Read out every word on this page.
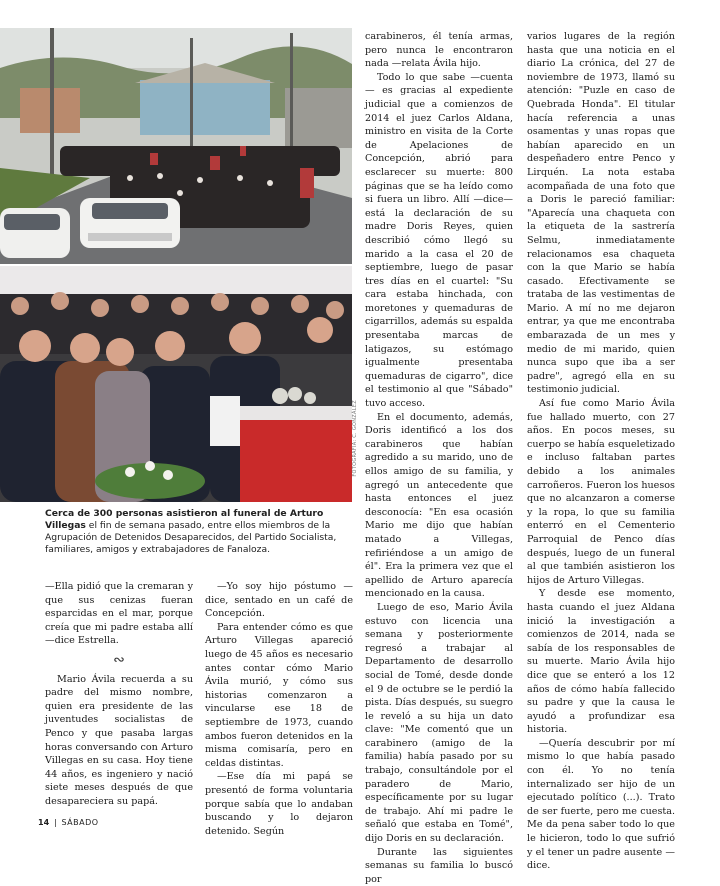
FOTOGRAFÍA: C. GONZÁLEZ
Cerca de 300 personas asistieron al funeral de Arturo Villegas el fin de semana pasado, entre ellos miembros de la Agrupación de Detenidos Desaparecidos, del Partido Socialista, familiares, amigos y extrabajadores de Fanaloza.

—Ella pidió que la cremaran y que sus cenizas fueran esparcidas en el mar, porque creía que mi padre estaba allí —dice Estrella.

∾

Mario Ávila recuerda a su padre del mismo nombre, quien era presidente de las juventudes socialistas de Penco y que pasaba largas horas conversando con Arturo Villegas en su casa. Hoy tiene 44 años, es ingeniero y nació siete meses después de que desapareciera su papá.

—Yo soy hijo póstumo —dice, sentado en un café de Concepción.

Para entender cómo es que Arturo Villegas apareció luego de 45 años es necesario antes contar cómo Mario Ávila murió, y cómo sus historias comenzaron a vincularse ese 18 de septiembre de 1973, cuando ambos fueron detenidos en la misma comisaría, pero en celdas distintas.

—Ese día mi papá se presentó de forma voluntaria porque sabía que lo andaban buscando y lo dejaron detenido. Según

carabineros, él tenía armas, pero nunca le encontraron nada —relata Ávila hijo.

Todo lo que sabe —cuenta— es gracias al expediente judicial que a comienzos de 2014 el juez Carlos Aldana, ministro en visita de la Corte de Apelaciones de Concepción, abrió para esclarecer su muerte: 800 páginas que se ha leído como si fuera un libro. Allí —dice— está la declaración de su madre Doris Reyes, quien describió cómo llegó su marido a la casa el 20 de septiembre, luego de pasar tres días en el cuartel: "Su cara estaba hinchada, con moretones y quemaduras de cigarrillos, además su espalda presentaba marcas de latigazos, su estómago igualmente presentaba quemaduras de cigarro", dice el testimonio al que "Sábado" tuvo acceso.

En el documento, además, Doris identificó a los dos carabineros que habían agredido a su marido, uno de ellos amigo de su familia, y agregó un antecedente que hasta entonces el juez desconocía: "En esa ocasión Mario me dijo que habían matado a Villegas, refiriéndose a un amigo de él". Era la primera vez que el apellido de Arturo aparecía mencionado en la causa.

Luego de eso, Mario Ávila estuvo con licencia una semana y posteriormente regresó a trabajar al Departamento de desarrollo social de Tomé, desde donde el 9 de octubre se le perdió la pista. Días después, su suegro le reveló a su hija un dato clave: "Me comentó que un carabinero (amigo de la familia) había pasado por su trabajo, consultándole por el paradero de Mario, específicamente por su lugar de trabajo. Ahí mi padre le señaló que estaba en Tomé", dijo Doris en su declaración.

Durante las siguientes semanas su familia lo buscó por

varios lugares de la región hasta que una noticia en el diario La crónica, del 27 de noviembre de 1973, llamó su atención: "Puzle en caso de Quebrada Honda". El titular hacía referencia a unas osamentas y unas ropas que habían aparecido en un despeñadero entre Penco y Lirquén. La nota estaba acompañada de una foto que a Doris le pareció familiar: "Aparecía una chaqueta con la etiqueta de la sastrería Selmu, inmediatamente relacionamos esa chaqueta con la que Mario se había casado. Efectivamente se trataba de las vestimentas de Mario. A mí no me dejaron entrar, ya que me encontraba embarazada de un mes y medio de mi marido, quien nunca supo que iba a ser padre", agregó ella en su testimonio judicial.

Así fue como Mario Ávila fue hallado muerto, con 27 años. En pocos meses, su cuerpo se había esqueletizado e incluso faltaban partes debido a los animales carroñeros. Fueron los huesos que no alcanzaron a comerse y la ropa, lo que su familia enterró en el Cementerio Parroquial de Penco días después, luego de un funeral al que también asistieron los hijos de Arturo Villegas.

Y desde ese momento, hasta cuando el juez Aldana inició la investigación a comienzos de 2014, nada se sabía de los responsables de su muerte. Mario Ávila hijo dice que se enteró a los 12 años de cómo había fallecido su padre y que la causa le ayudó a profundizar esa historia.

—Quería descubrir por mí mismo lo que había pasado con él. Yo no tenía internalizado ser hijo de un ejecutado político (...). Trato de ser fuerte, pero me cuesta. Me da pena saber todo lo que le hicieron, todo lo que sufrió y el tener un padre ausente —dice.

14 | SÁBADO
